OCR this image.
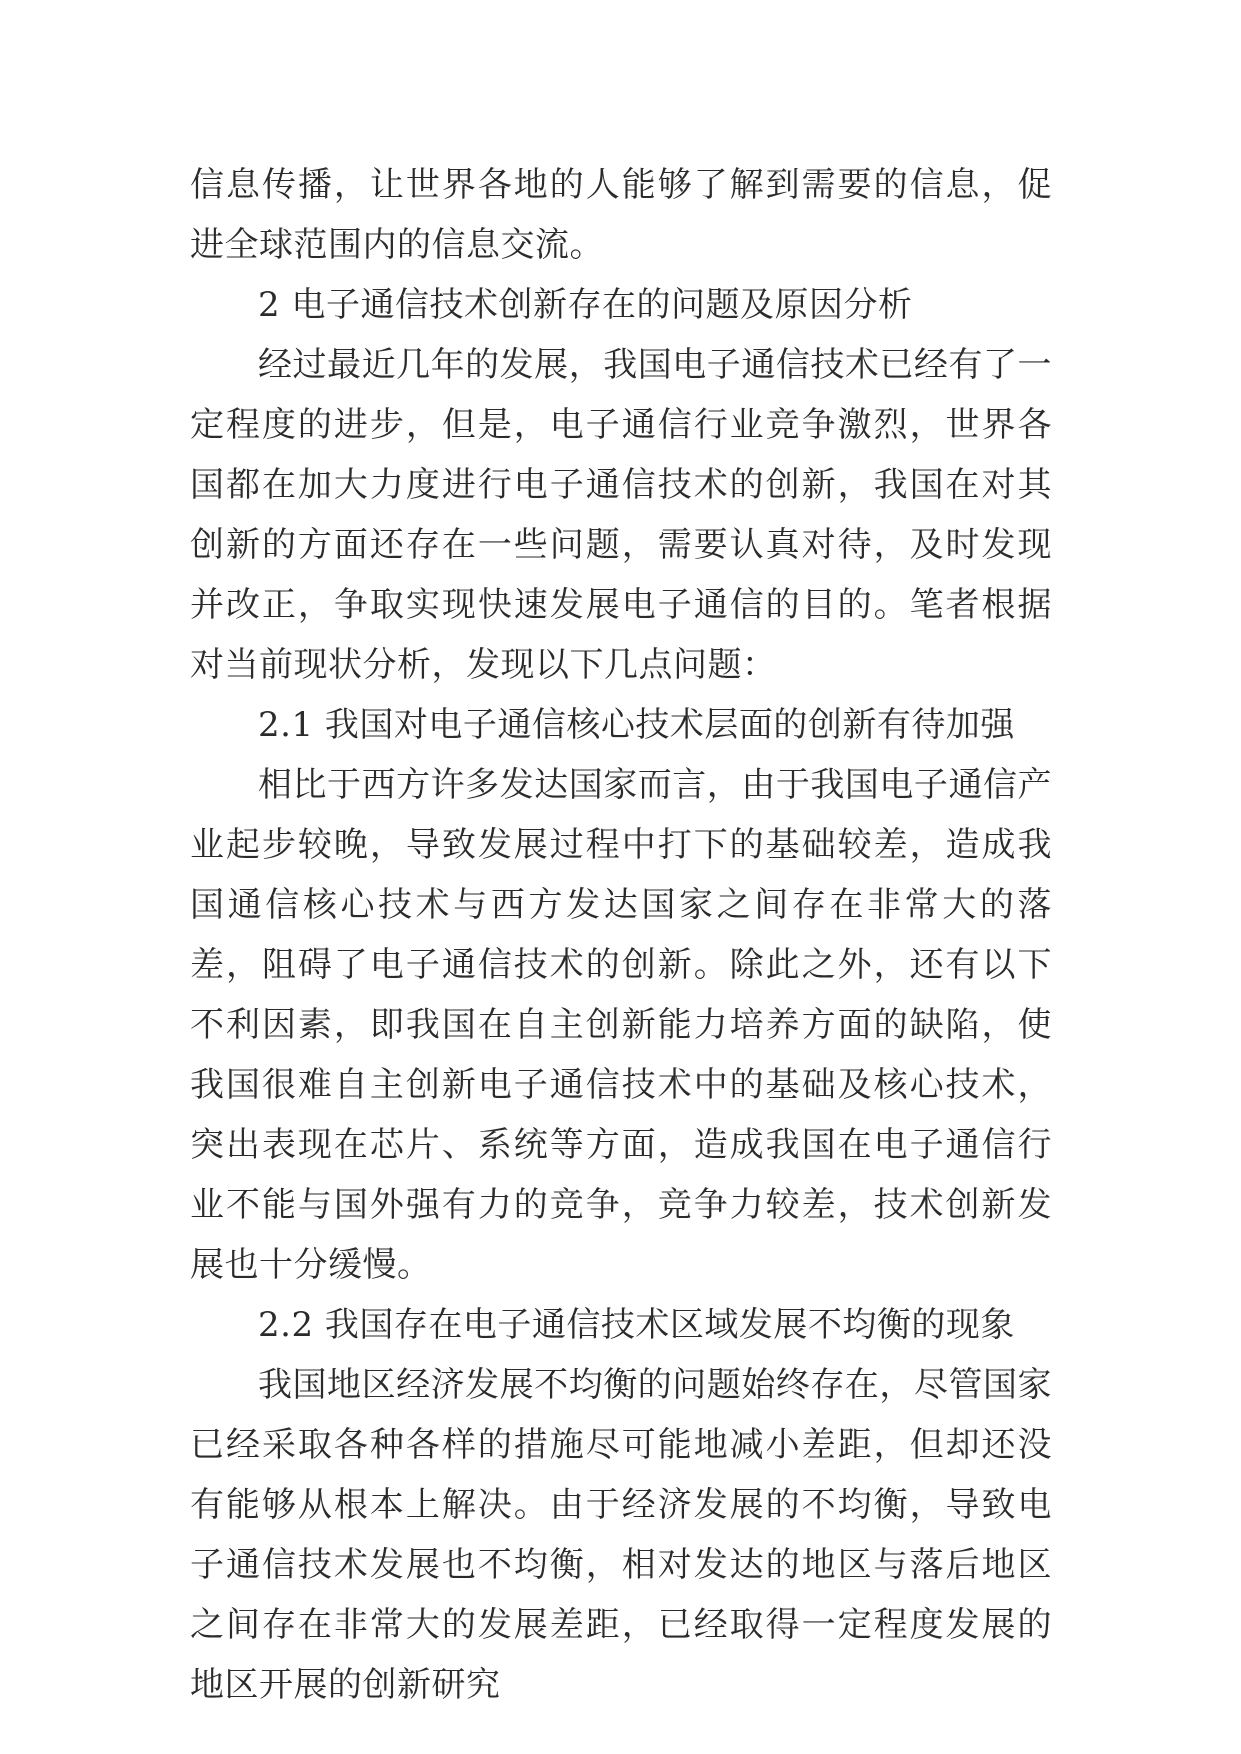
信息传播，让世界各地的人能够了解到需要的信息，促进全球范围内的信息交流。

2 电子通信技术创新存在的问题及原因分析

经过最近几年的发展，我国电子通信技术已经有了一定程度的进步，但是，电子通信行业竞争激烈，世界各国都在加大力度进行电子通信技术的创新，我国在对其创新的方面还存在一些问题，需要认真对待，及时发现并改正，争取实现快速发展电子通信的目的。笔者根据对当前现状分析，发现以下几点问题：

2.1 我国对电子通信核心技术层面的创新有待加强

相比于西方许多发达国家而言，由于我国电子通信产业起步较晚，导致发展过程中打下的基础较差，造成我国通信核心技术与西方发达国家之间存在非常大的落差，阻碍了电子通信技术的创新。除此之外，还有以下不利因素，即我国在自主创新能力培养方面的缺陷，使我国很难自主创新电子通信技术中的基础及核心技术，突出表现在芯片、系统等方面，造成我国在电子通信行业不能与国外强有力的竞争，竞争力较差，技术创新发展也十分缓慢。

2.2 我国存在电子通信技术区域发展不均衡的现象

我国地区经济发展不均衡的问题始终存在，尽管国家已经采取各种各样的措施尽可能地减小差距，但却还没有能够从根本上解决。由于经济发展的不均衡，导致电子通信技术发展也不均衡，相对发达的地区与落后地区之间存在非常大的发展差距，已经取得一定程度发展的地区开展的创新研究
